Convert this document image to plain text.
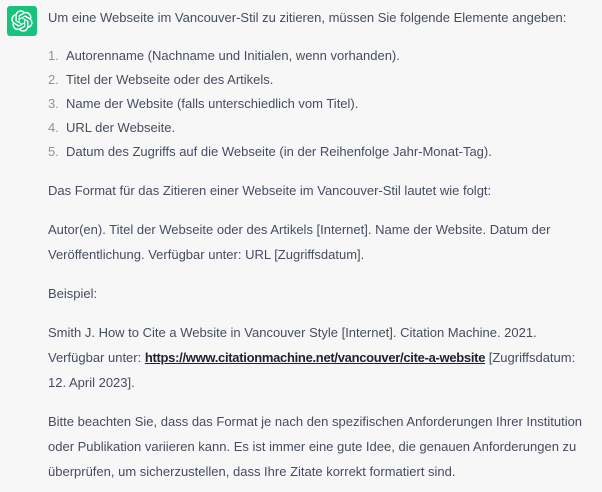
Um eine Webseite im Vancouver-Stil zu zitieren, müssen Sie folgende Elemente angeben:

1. Autorenname (Nachname und Initialen, wenn vorhanden).
2. Titel der Webseite oder des Artikels.
3. Name der Website (falls unterschiedlich vom Titel).
4. URL der Webseite.
5. Datum des Zugriffs auf die Webseite (in der Reihenfolge Jahr-Monat-Tag).

Das Format für das Zitieren einer Webseite im Vancouver-Stil lautet wie folgt:

Autor(en). Titel der Webseite oder des Artikels [Internet]. Name der Website. Datum der Veröffentlichung. Verfügbar unter: URL [Zugriffsdatum].

Beispiel:

Smith J. How to Cite a Website in Vancouver Style [Internet]. Citation Machine. 2021. Verfügbar unter: https://www.citationmachine.net/vancouver/cite-a-website [Zugriffsdatum: 12. April 2023].

Bitte beachten Sie, dass das Format je nach den spezifischen Anforderungen Ihrer Institution oder Publikation variieren kann. Es ist immer eine gute Idee, die genauen Anforderungen zu überprüfen, um sicherzustellen, dass Ihre Zitate korrekt formatiert sind.
